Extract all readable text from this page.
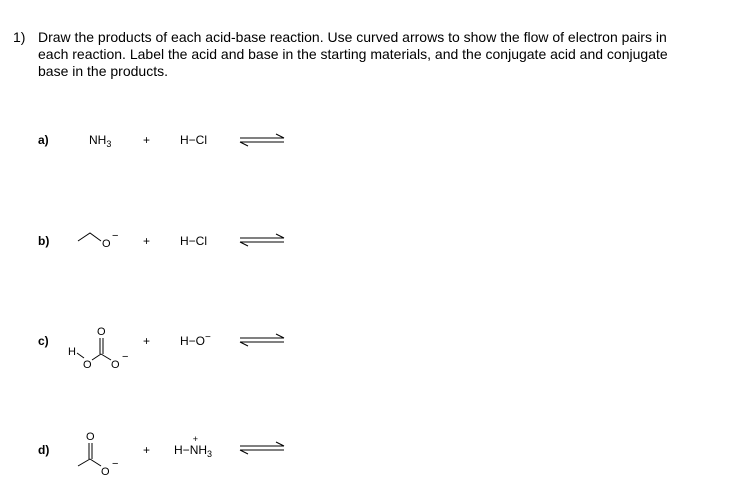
1) Draw the products of each acid-base reaction. Use curved arrows to show the flow of electron pairs in
each reaction. Label the acid and base in the starting materials, and the conjugate acid and conjugate
base in the products.
a)	$NH_3$	+ H−Cl
b)	O
− + H−Cl
c)
H
O
O
O
−
+ H−O−
d)
O
O
−
+ H−
+
$NH_3$
